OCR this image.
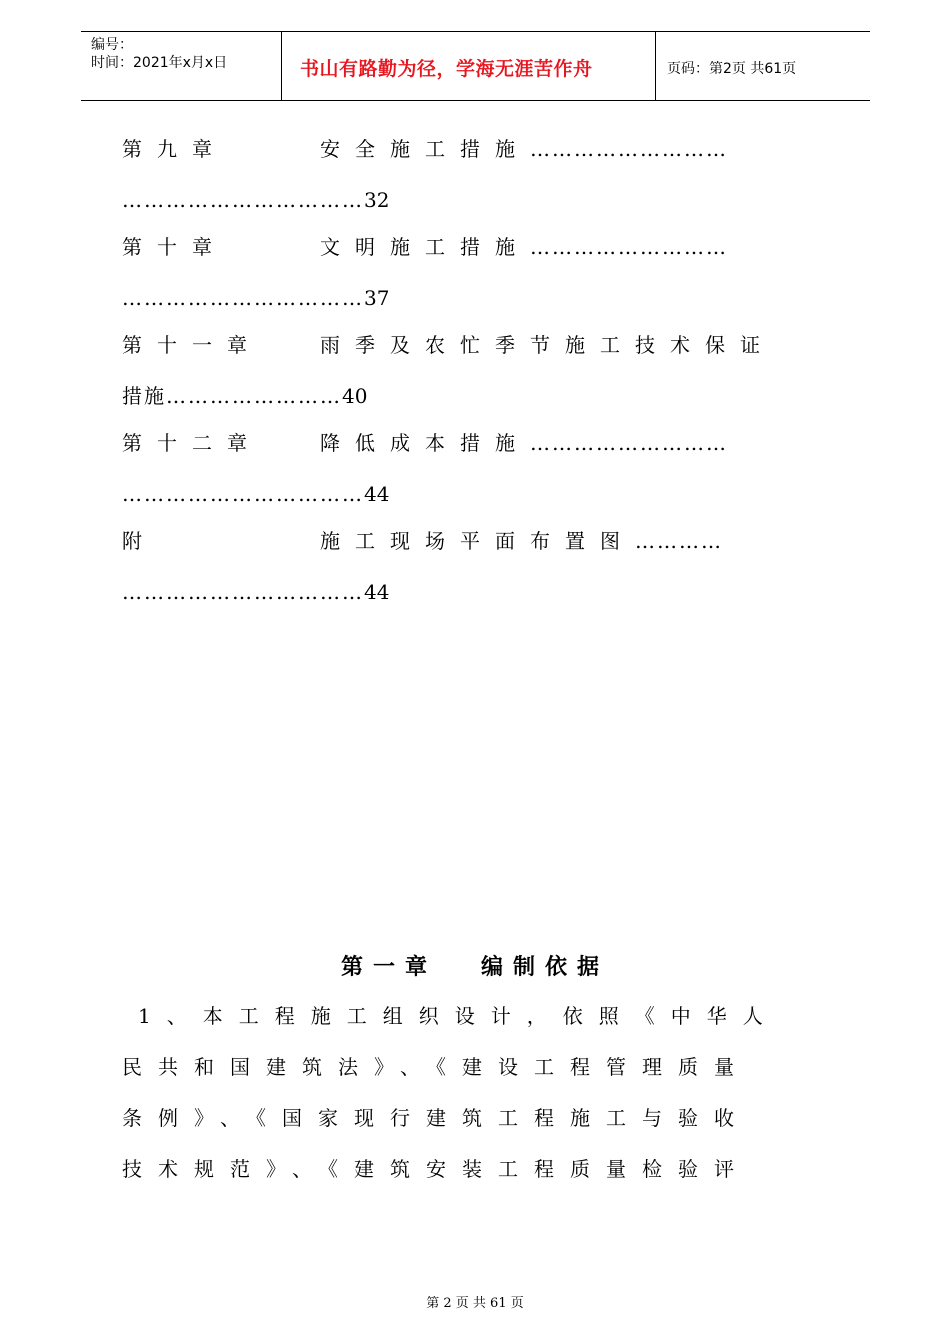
编号：
时间：2021年x月x日	书山有路勤为径，学海无涯苦作舟	页码：第2页 共61页
第九章	安全施工措施………………………
……………………………32
第十章	文明施工措施………………………
……………………………37
第十一章	雨季及农忙季节施工技术保证
措施……………………40
第十二章	降低成本措施………………………
……………………………44
附	施工现场平面布置图…………
……………………………44
第一章 编制依据
1、本工程施工组织设计，依照《中华人
民共和国建筑法》、《建设工程管理质量
条例》、《国家现行建筑工程施工与验收
技术规范》、《建筑安装工程质量检验评
第 2 页 共 61 页
